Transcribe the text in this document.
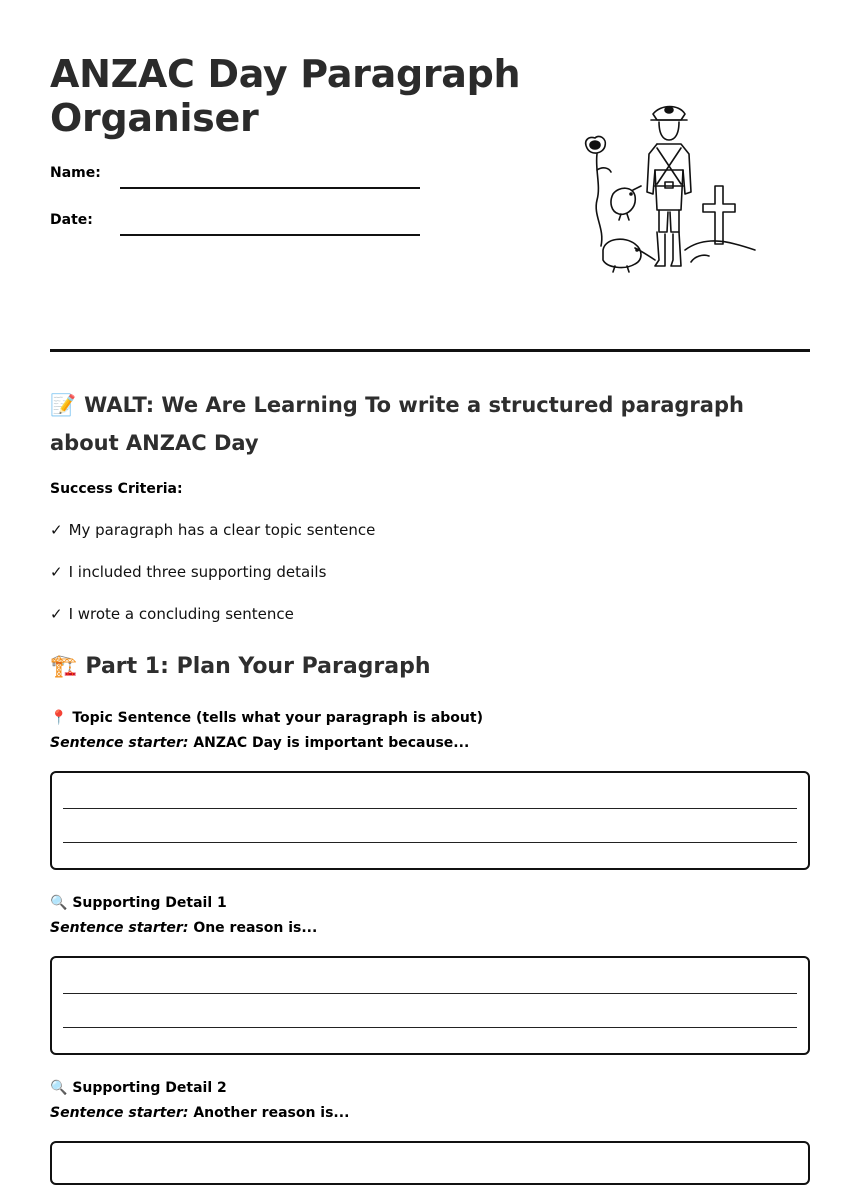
ANZAC Day Paragraph Organiser
Name:
Date:
📝 WALT: We Are Learning To write a structured paragraph about ANZAC Day

Success Criteria:

✓ My paragraph has a clear topic sentence
✓ I included three supporting details
✓ I wrote a concluding sentence
🏗️ Part 1: Plan Your Paragraph

📍 Topic Sentence (tells what your paragraph is about)

Sentence starter: ANZAC Day is important because...

🔍 Supporting Detail 1

Sentence starter: One reason is...

🔍 Supporting Detail 2

Sentence starter: Another reason is...
